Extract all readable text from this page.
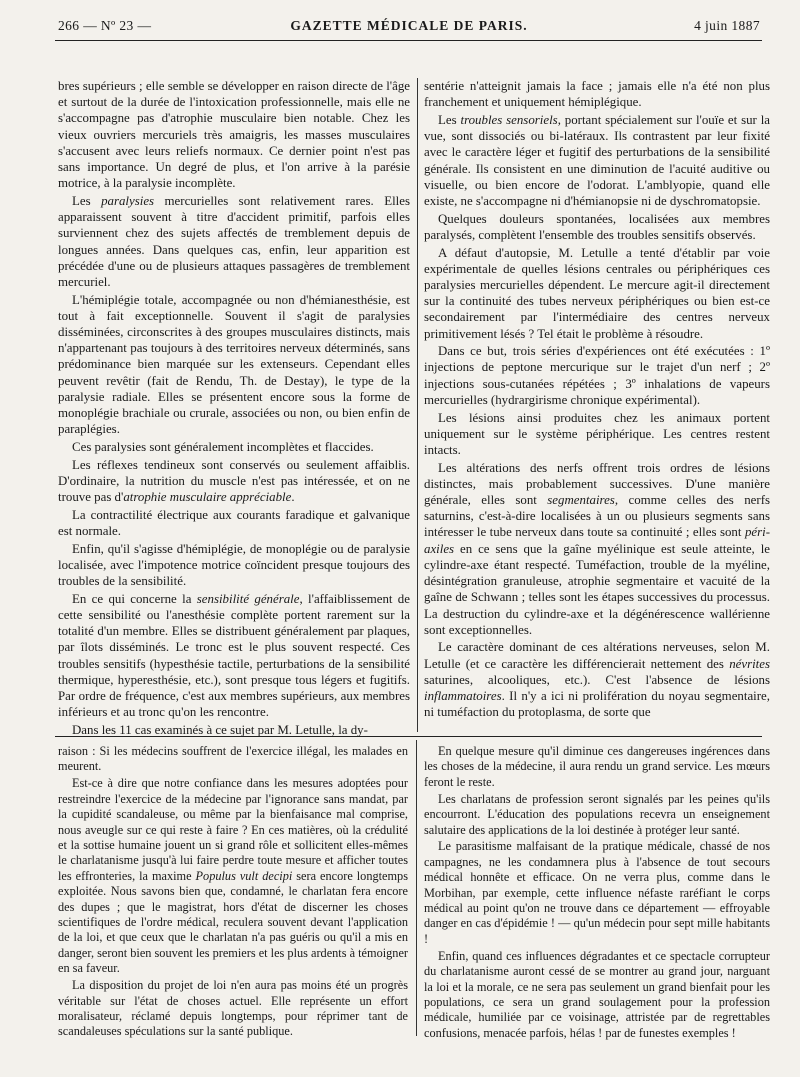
266 — Nº 23 —	GAZETTE MÉDICALE DE PARIS.	4 juin 1887

bres supérieurs ; elle semble se développer en raison directe de l'âge et surtout de la durée de l'intoxication professionnelle, mais elle ne s'accompagne pas d'atrophie musculaire bien notable. Chez les vieux ouvriers mercuriels très amaigris, les masses musculaires s'accusent avec leurs reliefs normaux. Ce dernier point n'est pas sans importance. Un degré de plus, et l'on arrive à la parésie motrice, à la paralysie incomplète.

Les paralysies mercurielles sont relativement rares. Elles apparaissent souvent à titre d'accident primitif, parfois elles surviennent chez des sujets affectés de tremblement depuis de longues années. Dans quelques cas, enfin, leur apparition est précédée d'une ou de plusieurs attaques passagères de tremblement mercuriel.

L'hémiplégie totale, accompagnée ou non d'hémianesthésie, est tout à fait exceptionnelle. Souvent il s'agit de paralysies disséminées, circonscrites à des groupes musculaires distincts, mais n'appartenant pas toujours à des territoires nerveux déterminés, sans prédominance bien marquée sur les extenseurs. Cependant elles peuvent revêtir (fait de Rendu, Th. de Destay), le type de la paralysie radiale. Elles se présentent encore sous la forme de monoplégie brachiale ou crurale, associées ou non, ou bien enfin de paraplégies.

Ces paralysies sont généralement incomplètes et flaccides.

Les réflexes tendineux sont conservés ou seulement affaiblis. D'ordinaire, la nutrition du muscle n'est pas intéressée, et on ne trouve pas d'atrophie musculaire appréciable.

La contractilité électrique aux courants faradique et galvanique est normale.

Enfin, qu'il s'agisse d'hémiplégie, de monoplégie ou de paralysie localisée, avec l'impotence motrice coïncident presque toujours des troubles de la sensibilité.

En ce qui concerne la sensibilité générale, l'affaiblissement de cette sensibilité ou l'anesthésie complète portent rarement sur la totalité d'un membre. Elles se distribuent généralement par plaques, par îlots disséminés. Le tronc est le plus souvent respecté. Ces troubles sensitifs (hypesthésie tactile, perturbations de la sensibilité thermique, hyperesthésie, etc.), sont presque tous légers et fugitifs. Par ordre de fréquence, c'est aux membres supérieurs, aux membres inférieurs et au tronc qu'on les rencontre.

Dans les 11 cas examinés à ce sujet par M. Letulle, la dy-

sentérie n'atteignit jamais la face ; jamais elle n'a été non plus franchement et uniquement hémiplégique.

Les troubles sensoriels, portant spécialement sur l'ouïe et sur la vue, sont dissociés ou bi-latéraux. Ils contrastent par leur fixité avec le caractère léger et fugitif des perturbations de la sensibilité générale. Ils consistent en une diminution de l'acuité auditive ou visuelle, ou bien encore de l'odorat. L'amblyopie, quand elle existe, ne s'accompagne ni d'hémianopsie ni de dyschromatopsie.

Quelques douleurs spontanées, localisées aux membres paralysés, complètent l'ensemble des troubles sensitifs observés.

A défaut d'autopsie, M. Letulle a tenté d'établir par voie expérimentale de quelles lésions centrales ou périphériques ces paralysies mercurielles dépendent. Le mercure agit-il directement sur la continuité des tubes nerveux périphériques ou bien est-ce secondairement par l'intermédiaire des centres nerveux primitivement lésés ? Tel était le problème à résoudre.

Dans ce but, trois séries d'expériences ont été exécutées : 1º injections de peptone mercurique sur le trajet d'un nerf ; 2º injections sous-cutanées répétées ; 3º inhalations de vapeurs mercurielles (hydrargirisme chronique expérimental).

Les lésions ainsi produites chez les animaux portent uniquement sur le système périphérique. Les centres restent intacts.

Les altérations des nerfs offrent trois ordres de lésions distinctes, mais probablement successives. D'une manière générale, elles sont segmentaires, comme celles des nerfs saturnins, c'est-à-dire localisées à un ou plusieurs segments sans intéresser le tube nerveux dans toute sa continuité ; elles sont péri-axiles en ce sens que la gaîne myélinique est seule atteinte, le cylindre-axe étant respecté. Tuméfaction, trouble de la myéline, désintégration granuleuse, atrophie segmentaire et vacuité de la gaîne de Schwann ; telles sont les étapes successives du processus. La destruction du cylindre-axe et la dégénérescence wallérienne sont exceptionnelles.

Le caractère dominant de ces altérations nerveuses, selon M. Letulle (et ce caractère les différencierait nettement des névrites saturines, alcooliques, etc.). C'est l'absence de lésions inflammatoires. Il n'y a ici ni prolifération du noyau segmentaire, ni tuméfaction du protoplasma, de sorte que

raison : Si les médecins souffrent de l'exercice illégal, les malades en meurent.

Est-ce à dire que notre confiance dans les mesures adoptées pour restreindre l'exercice de la médecine par l'ignorance sans mandat, par la cupidité scandaleuse, ou même par la bienfaisance mal comprise, nous aveugle sur ce qui reste à faire ? En ces matières, où la crédulité et la sottise humaine jouent un si grand rôle et sollicitent elles-mêmes le charlatanisme jusqu'à lui faire perdre toute mesure et afficher toutes les effronteries, la maxime Populus vult decipi sera encore longtemps exploitée. Nous savons bien que, condamné, le charlatan fera encore des dupes ; que le magistrat, hors d'état de discerner les choses scientifiques de l'ordre médical, reculera souvent devant l'application de la loi, et que ceux que le charlatan n'a pas guéris ou qu'il a mis en danger, seront bien souvent les premiers et les plus ardents à témoigner en sa faveur.

La disposition du projet de loi n'en aura pas moins été un progrès véritable sur l'état de choses actuel. Elle représente un effort moralisateur, réclamé depuis longtemps, pour réprimer tant de scandaleuses spéculations sur la santé publique.

En quelque mesure qu'il diminue ces dangereuses ingérences dans les choses de la médecine, il aura rendu un grand service. Les mœurs feront le reste.

Les charlatans de profession seront signalés par les peines qu'ils encourront. L'éducation des populations recevra un enseignement salutaire des applications de la loi destinée à protéger leur santé.

Le parasitisme malfaisant de la pratique médicale, chassé de nos campagnes, ne les condamnera plus à l'absence de tout secours médical honnête et efficace. On ne verra plus, comme dans le Morbihan, par exemple, cette influence néfaste raréfiant le corps médical au point qu'on ne trouve dans ce département — effroyable danger en cas d'épidémie ! — qu'un médecin pour sept mille habitants !

Enfin, quand ces influences dégradantes et ce spectacle corrupteur du charlatanisme auront cessé de se montrer au grand jour, narguant la loi et la morale, ce ne sera pas seulement un grand bienfait pour les populations, ce sera un grand soulagement pour la profession médicale, humiliée par ce voisinage, attristée par de regrettables confusions, menacée parfois, hélas ! par de funestes exemples !
